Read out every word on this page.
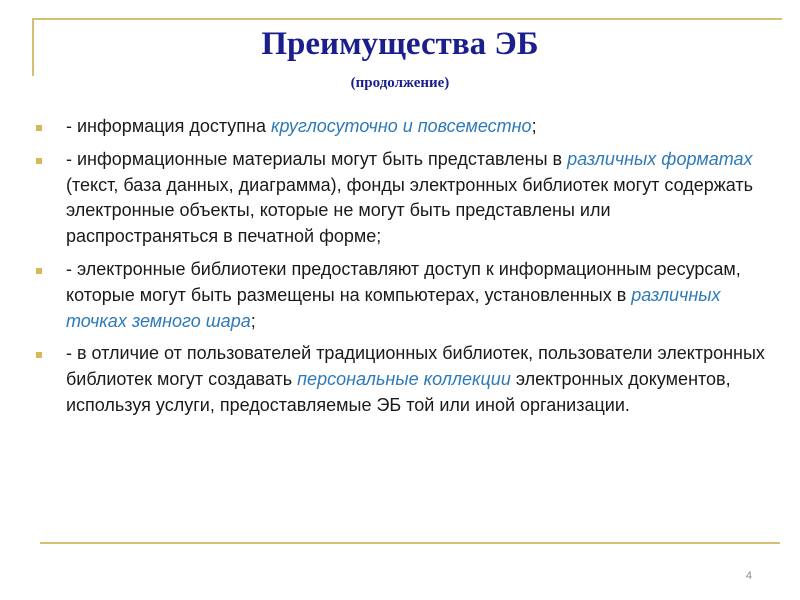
Преимущества ЭБ
(продолжение)
- информация доступна круглосуточно и повсеместно;
- информационные материалы могут быть представлены в различных форматах (текст, база данных, диаграмма), фонды электронных библиотек могут содержать электронные объекты, которые не могут быть представлены или распространяться в печатной форме;
- электронные библиотеки предоставляют доступ к информационным ресурсам, которые могут быть размещены на компьютерах, установленных в различных точках земного шара;
- в отличие от пользователей традиционных библиотек, пользователи электронных библиотек могут создавать персональные коллекции электронных документов, используя услуги, предоставляемые ЭБ той или иной организации.
4
